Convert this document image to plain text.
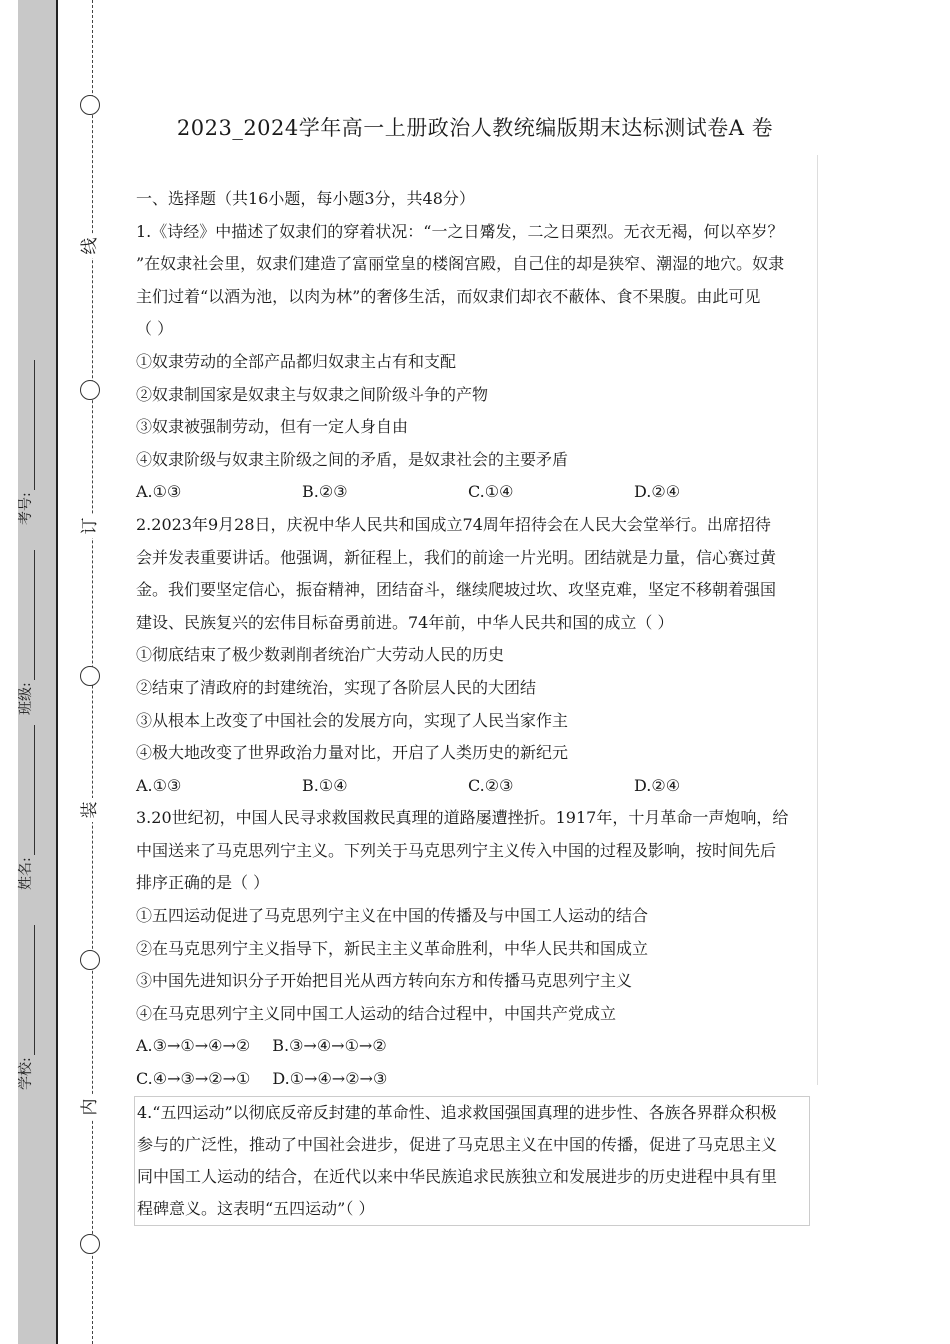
线
订
装
内
考号:
班级:
姓名:
学校:
2023_2024学年高一上册政治人教统编版期末达标测试卷A 卷
一、选择题（共16小题，每小题3分，共48分）
1.《诗经》中描述了奴隶们的穿着状况：“一之日觱发，二之日栗烈。无衣无褐，何以卒岁？
”在奴隶社会里，奴隶们建造了富丽堂皇的楼阁宫殿，自己住的却是狭窄、潮湿的地穴。奴隶
主们过着“以酒为池，以肉为林”的奢侈生活，而奴隶们却衣不蔽体、食不果腹。由此可见
（ ）
①奴隶劳动的全部产品都归奴隶主占有和支配
②奴隶制国家是奴隶主与奴隶之间阶级斗争的产物
③奴隶被强制劳动，但有一定人身自由
④奴隶阶级与奴隶主阶级之间的矛盾，是奴隶社会的主要矛盾
A.①③	B.②③	C.①④	D.②④
2.2023年9月28日，庆祝中华人民共和国成立74周年招待会在人民大会堂举行。出席招待
会并发表重要讲话。他强调，新征程上，我们的前途一片光明。团结就是力量，信心赛过黄
金。我们要坚定信心，振奋精神，团结奋斗，继续爬坡过坎、攻坚克难，坚定不移朝着强国
建设、民族复兴的宏伟目标奋勇前进。74年前，中华人民共和国的成立（ ）
①彻底结束了极少数剥削者统治广大劳动人民的历史
②结束了清政府的封建统治，实现了各阶层人民的大团结
③从根本上改变了中国社会的发展方向，实现了人民当家作主
④极大地改变了世界政治力量对比，开启了人类历史的新纪元
A.①③	B.①④	C.②③	D.②④
3.20世纪初，中国人民寻求救国救民真理的道路屡遭挫折。1917年，十月革命一声炮响，给
中国送来了马克思列宁主义。下列关于马克思列宁主义传入中国的过程及影响，按时间先后
排序正确的是（ ）
①五四运动促进了马克思列宁主义在中国的传播及与中国工人运动的结合
②在马克思列宁主义指导下，新民主主义革命胜利，中华人民共和国成立
③中国先进知识分子开始把目光从西方转向东方和传播马克思列宁主义
④在马克思列宁主义同中国工人运动的结合过程中，中国共产党成立
A.③→①→④→② B.③→④→①→②
C.④→③→②→① D.①→④→②→③
4.“五四运动”以彻底反帝反封建的革命性、追求救国强国真理的进步性、各族各界群众积极
参与的广泛性，推动了中国社会进步，促进了马克思主义在中国的传播，促进了马克思主义
同中国工人运动的结合，在近代以来中华民族追求民族独立和发展进步的历史进程中具有里
程碑意义。这表明“五四运动”（ ）
